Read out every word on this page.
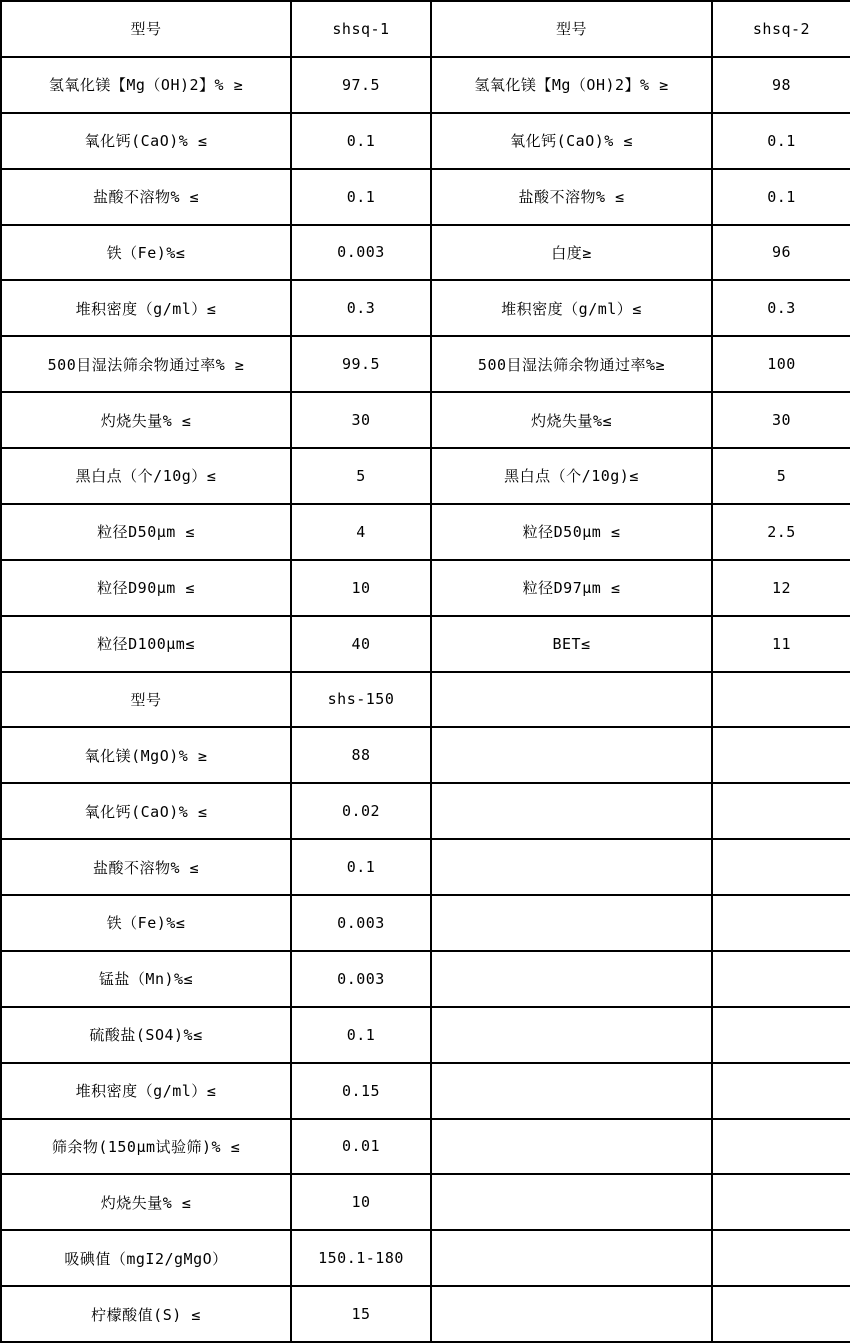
型号	shsq-1	型号	shsq-2
氢氧化镁【Mg（OH)2】% ≥	97.5	氢氧化镁【Mg（OH)2】% ≥	98
氧化钙(CaO)% ≤	0.1	氧化钙(CaO)% ≤	0.1
盐酸不溶物% ≤	0.1	盐酸不溶物% ≤	0.1
铁（Fe)%≤	0.003	白度≥	96
堆积密度（g/ml）≤	0.3	堆积密度（g/ml）≤	0.3
500目湿法筛余物通过率% ≥	99.5	500目湿法筛余物通过率%≥	100
灼烧失量% ≤	30	灼烧失量%≤	30
黑白点（个/10g）≤	5	黑白点（个/10g)≤	5
粒径D50μm ≤	4	粒径D50μm ≤	2.5
粒径D90μm ≤	10	粒径D97μm ≤	12
粒径D100μm≤	40	BET≤	11
型号	shs-150		
氧化镁(MgO)% ≥	88		
氧化钙(CaO)% ≤	0.02		
盐酸不溶物% ≤	0.1		
铁（Fe)%≤	0.003		
锰盐（Mn)%≤	0.003		
硫酸盐(SO4)%≤	0.1		
堆积密度（g/ml）≤	0.15		
筛余物(150μm试验筛)% ≤	0.01		
灼烧失量% ≤	10		
吸碘值（mgI2/gMgO）	150.1-180		
柠檬酸值(S) ≤	15		
